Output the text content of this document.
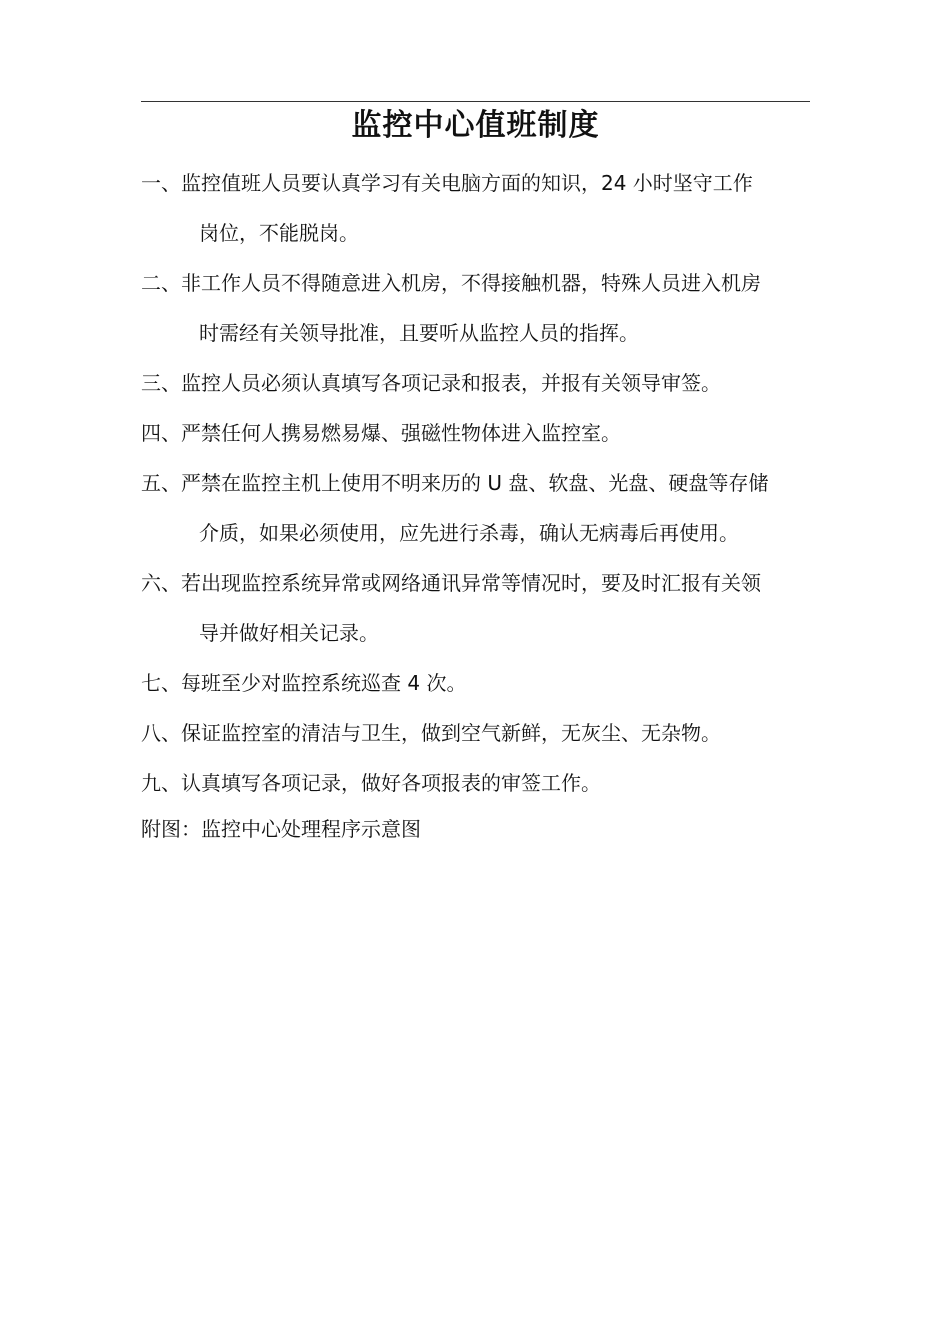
监控中心值班制度
一、监控值班人员要认真学习有关电脑方面的知识，24 小时坚守工作
岗位，不能脱岗。
二、非工作人员不得随意进入机房，不得接触机器，特殊人员进入机房
时需经有关领导批准，且要听从监控人员的指挥。
三、监控人员必须认真填写各项记录和报表，并报有关领导审签。
四、严禁任何人携易燃易爆、强磁性物体进入监控室。
五、严禁在监控主机上使用不明来历的 U 盘、软盘、光盘、硬盘等存储
介质，如果必须使用，应先进行杀毒，确认无病毒后再使用。
六、若出现监控系统异常或网络通讯异常等情况时，要及时汇报有关领
导并做好相关记录。
七、每班至少对监控系统巡查 4 次。
八、保证监控室的清洁与卫生，做到空气新鲜，无灰尘、无杂物。
九、认真填写各项记录，做好各项报表的审签工作。
附图：监控中心处理程序示意图
